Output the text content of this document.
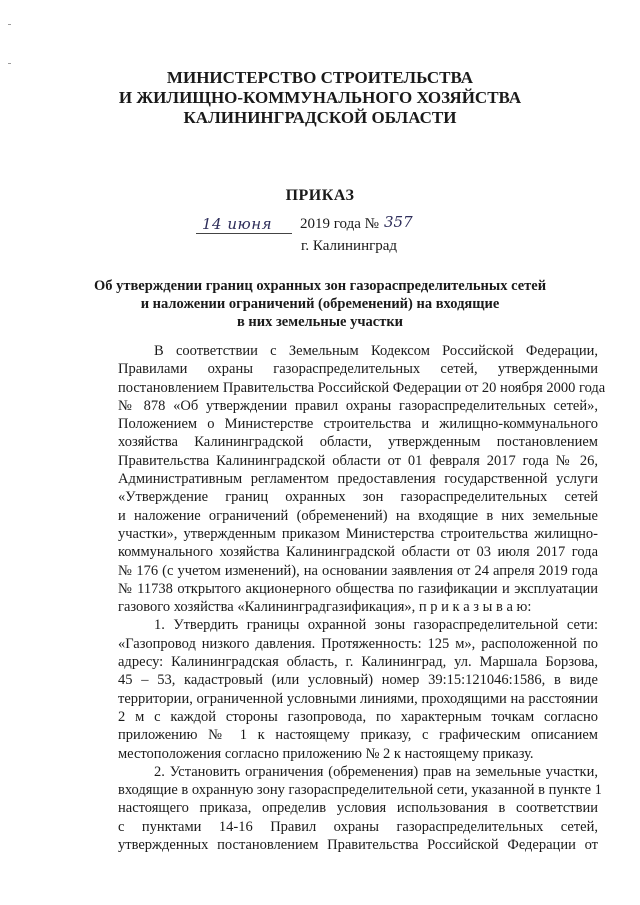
МИНИСТЕРСТВО СТРОИТЕЛЬСТВА
И ЖИЛИЩНО-КОММУНАЛЬНОГО ХОЗЯЙСТВА
КАЛИНИНГРАДСКОЙ ОБЛАСТИ
ПРИКАЗ
14 июня 2019 года № 357
г. Калининград
Об утверждении границ охранных зон газораспределительных сетей
и наложении ограничений (обременений) на входящие
в них земельные участки

В соответствии с Земельным Кодексом Российской Федерации,
Правилами охраны газораспределительных сетей, утвержденными
постановлением Правительства Российской Федерации от 20 ноября 2000 года
№ 878 «Об утверждении правил охраны газораспределительных сетей»,
Положением о Министерстве строительства и жилищно-коммунального
хозяйства Калининградской области, утвержденным постановлением
Правительства Калининградской области от 01 февраля 2017 года № 26,
Административным регламентом предоставления государственной услуги
«Утверждение границ охранных зон газораспределительных сетей
и наложение ограничений (обременений) на входящие в них земельные
участки», утвержденным приказом Министерства строительства жилищно-
коммунального хозяйства Калининградской области от 03 июля 2017 года
№ 176 (с учетом изменений), на основании заявления от 24 апреля 2019 года
№ 11738 открытого акционерного общества по газификации и эксплуатации
газового хозяйства «Калининградгазификация», п р и к а з ы в а ю:

1. Утвердить границы охранной зоны газораспределительной сети:
«Газопровод низкого давления. Протяженность: 125 м», расположенной по
адресу: Калининградская область, г. Калининград, ул. Маршала Борзова,
45 – 53, кадастровый (или условный) номер 39:15:121046:1586, в виде
территории, ограниченной условными линиями, проходящими на расстоянии
2 м с каждой стороны газопровода, по характерным точкам согласно
приложению № 1 к настоящему приказу, с графическим описанием
местоположения согласно приложению № 2 к настоящему приказу.

2. Установить ограничения (обременения) прав на земельные участки,
входящие в охранную зону газораспределительной сети, указанной в пункте 1
настоящего приказа, определив условия использования в соответствии
с пунктами 14-16 Правил охраны газораспределительных сетей,
утвержденных постановлением Правительства Российской Федерации от
